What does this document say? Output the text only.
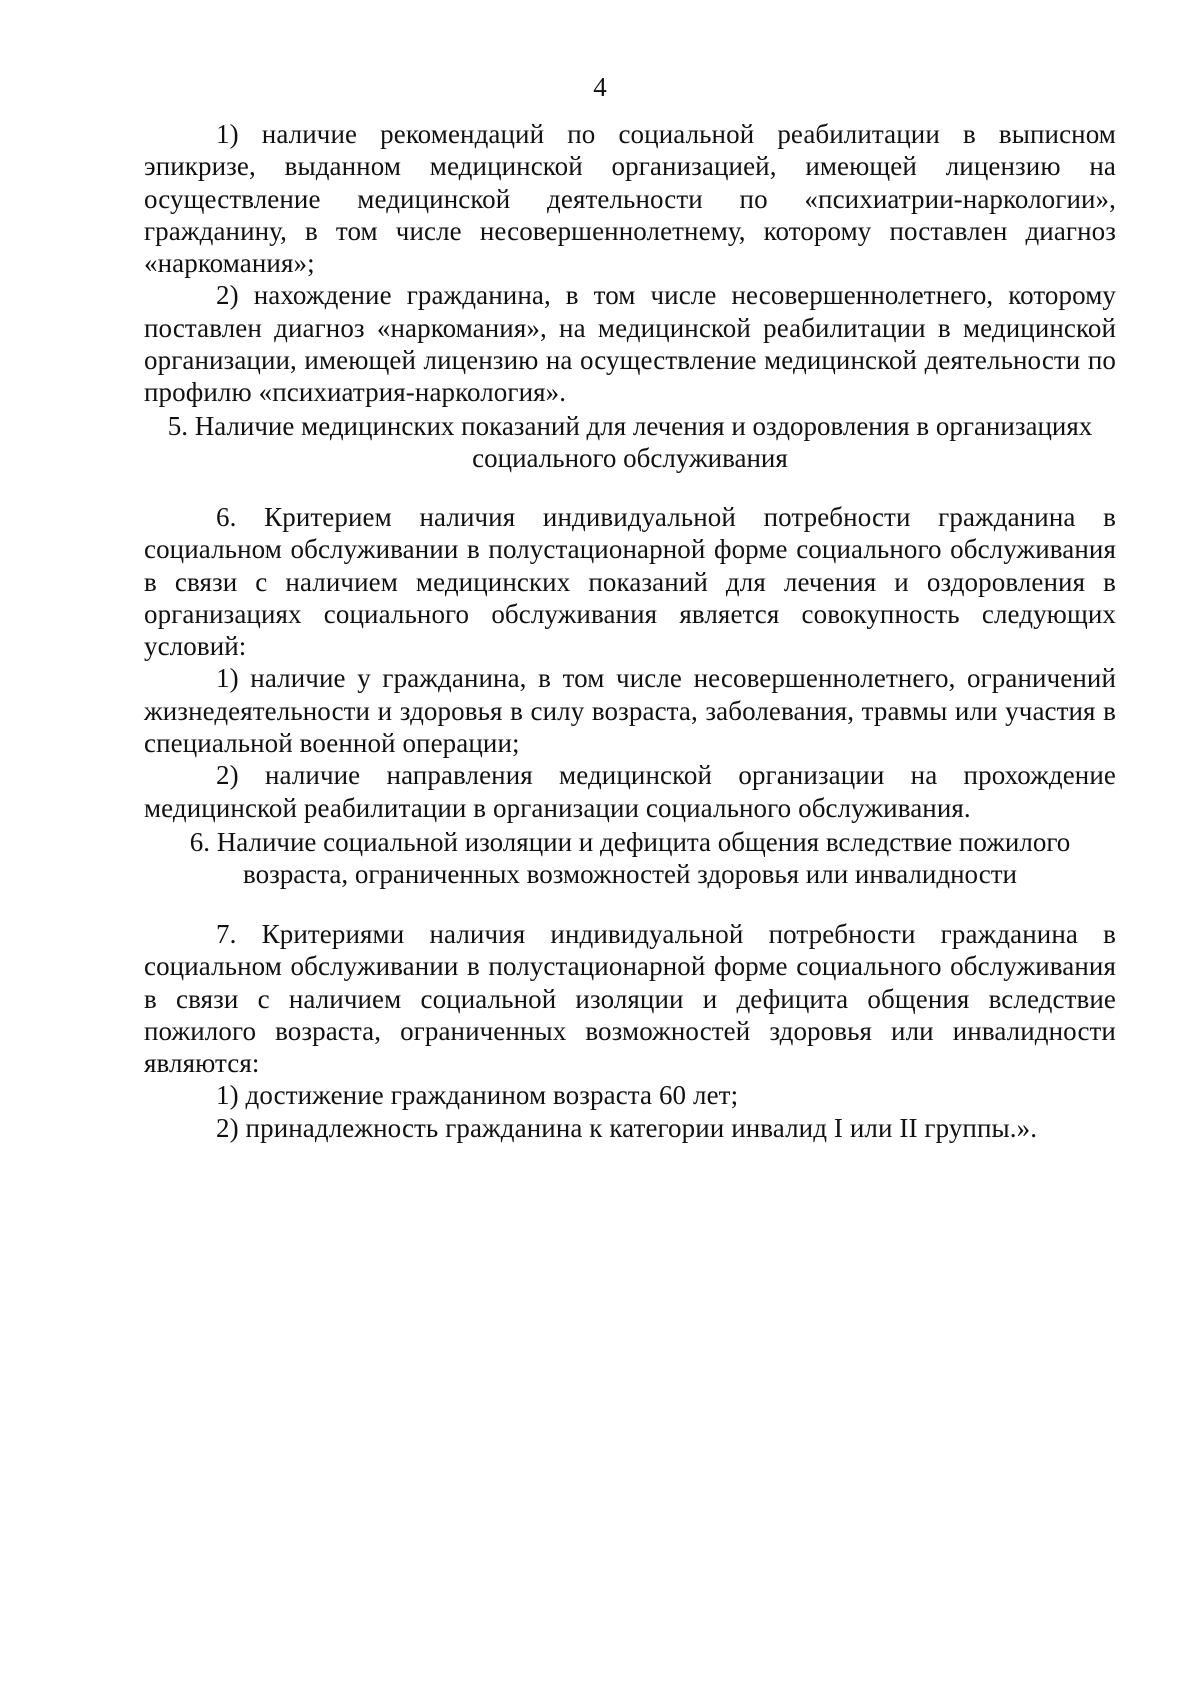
4

1) наличие рекомендаций по социальной реабилитации в выписном эпикризе, выданном медицинской организацией, имеющей лицензию на осуществление медицинской деятельности по «психиатрии-наркологии», гражданину, в том числе несовершеннолетнему, которому поставлен диагноз «наркомания»;

2) нахождение гражданина, в том числе несовершеннолетнего, которому поставлен диагноз «наркомания», на медицинской реабилитации в медицинской организации, имеющей лицензию на осуществление медицинской деятельности по профилю «психиатрия-наркология».

5. Наличие медицинских показаний для лечения и оздоровления в организациях
социального обслуживания

6. Критерием наличия индивидуальной потребности гражданина в социальном обслуживании в полустационарной форме социального обслуживания в связи с наличием медицинских показаний для лечения и оздоровления в организациях социального обслуживания является совокупность следующих условий:

1) наличие у гражданина, в том числе несовершеннолетнего, ограничений жизнедеятельности и здоровья в силу возраста, заболевания, травмы или участия в специальной военной операции;

2) наличие направления медицинской организации на прохождение медицинской реабилитации в организации социального обслуживания.

6. Наличие социальной изоляции и дефицита общения вследствие пожилого
возраста, ограниченных возможностей здоровья или инвалидности

7. Критериями наличия индивидуальной потребности гражданина в социальном обслуживании в полустационарной форме социального обслуживания в связи с наличием социальной изоляции и дефицита общения вследствие пожилого возраста, ограниченных возможностей здоровья или инвалидности являются:

1) достижение гражданином возраста 60 лет;

2) принадлежность гражданина к категории инвалид I или II группы.».
